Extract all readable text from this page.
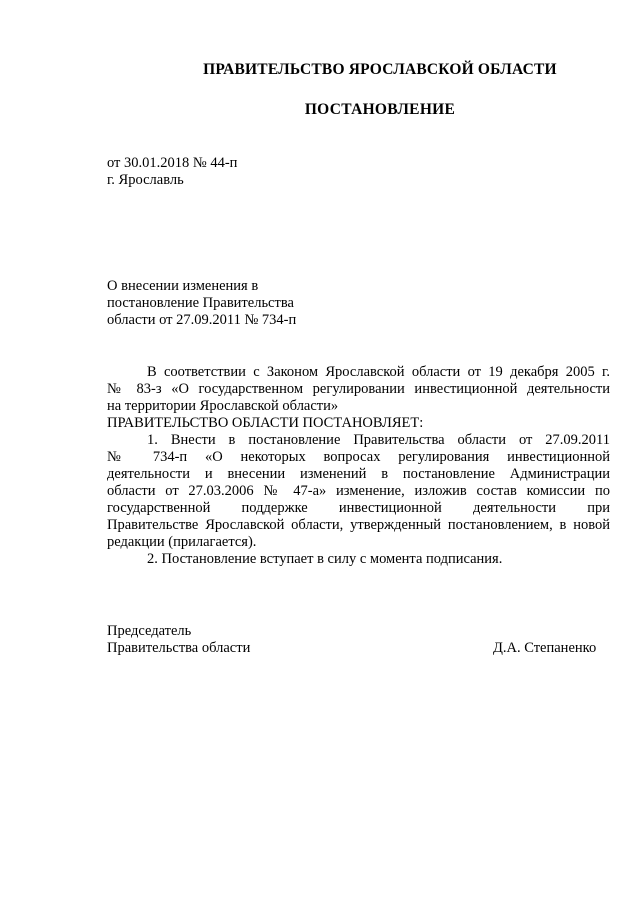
ПРАВИТЕЛЬСТВО ЯРОСЛАВСКОЙ ОБЛАСТИ
ПОСТАНОВЛЕНИЕ
от 30.01.2018 № 44-п
г. Ярославль
О внесении изменения в
постановление Правительства
области от 27.09.2011 № 734-п
В соответствии с Законом Ярославской области от 19 декабря 2005 г.
№ 83-з «О государственном регулировании инвестиционной деятельности
на территории Ярославской области»
ПРАВИТЕЛЬСТВО ОБЛАСТИ ПОСТАНОВЛЯЕТ:
1. Внести в постановление Правительства области от 27.09.2011
№ 734-п «О некоторых вопросах регулирования инвестиционной
деятельности и внесении изменений в постановление Администрации
области от 27.03.2006 № 47-а» изменение, изложив состав комиссии по
государственной поддержке инвестиционной деятельности при
Правительстве Ярославской области, утвержденный постановлением, в новой
редакции (прилагается).
2. Постановление вступает в силу с момента подписания.
Председатель
Правительства области	Д.А. Степаненко
